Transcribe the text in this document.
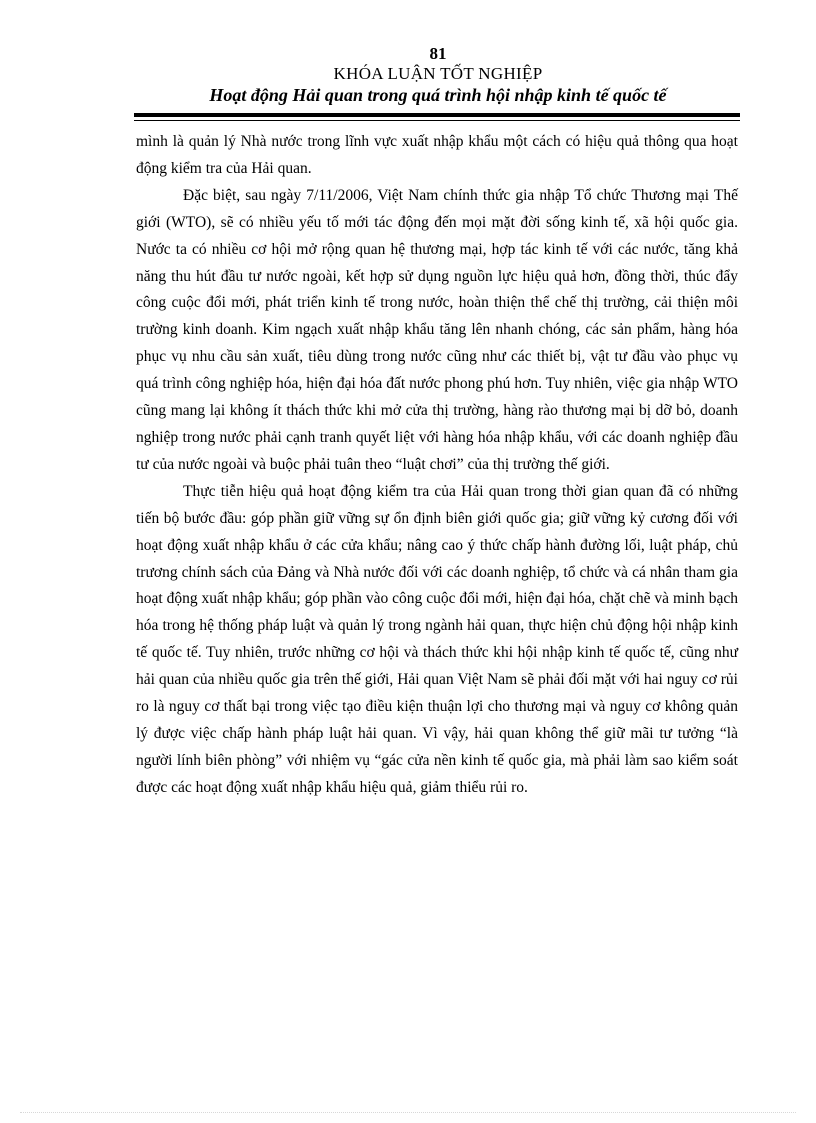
81
KHÓA LUẬN TỐT NGHIỆP
Hoạt động Hải quan trong quá trình hội nhập kinh tế quốc tế

mình là quản lý Nhà nước trong lĩnh vực xuất nhập khẩu một cách có hiệu quả thông qua hoạt động kiểm tra của Hải quan.

Đặc biệt, sau ngày 7/11/2006, Việt Nam chính thức gia nhập Tổ chức Thương mại Thế giới (WTO), sẽ có nhiều yếu tố mới tác động đến mọi mặt đời sống kinh tế, xã hội quốc gia. Nước ta có nhiều cơ hội mở rộng quan hệ thương mại, hợp tác kinh tế với các nước, tăng khả năng thu hút đầu tư nước ngoài, kết hợp sử dụng nguồn lực hiệu quả hơn, đồng thời, thúc đẩy công cuộc đổi mới, phát triển kinh tế trong nước, hoàn thiện thể chế thị trường, cải thiện môi trường kinh doanh. Kim ngạch xuất nhập khẩu tăng lên nhanh chóng, các sản phẩm, hàng hóa phục vụ nhu cầu sản xuất, tiêu dùng trong nước cũng như các thiết bị, vật tư đầu vào phục vụ quá trình công nghiệp hóa, hiện đại hóa đất nước phong phú hơn. Tuy nhiên, việc gia nhập WTO cũng mang lại không ít thách thức khi mở cửa thị trường, hàng rào thương mại bị dỡ bỏ, doanh nghiệp trong nước phải cạnh tranh quyết liệt với hàng hóa nhập khẩu, với các doanh nghiệp đầu tư của nước ngoài và buộc phải tuân theo “luật chơi” của thị trường thế giới.

Thực tiễn hiệu quả hoạt động kiểm tra của Hải quan trong thời gian quan đã có những tiến bộ bước đầu: góp phần giữ vững sự ổn định biên giới quốc gia; giữ vững kỷ cương đối với hoạt động xuất nhập khẩu ở các cửa khẩu; nâng cao ý thức chấp hành đường lối, luật pháp, chủ trương chính sách của Đảng và Nhà nước đối với các doanh nghiệp, tổ chức và cá nhân tham gia hoạt động xuất nhập khẩu; góp phần vào công cuộc đổi mới, hiện đại hóa, chặt chẽ và minh bạch hóa trong hệ thống pháp luật và quản lý trong ngành hải quan, thực hiện chủ động hội nhập kinh tế quốc tế. Tuy nhiên, trước những cơ hội và thách thức khi hội nhập kinh tế quốc tế, cũng như hải quan của nhiều quốc gia trên thế giới, Hải quan Việt Nam sẽ phải đối mặt với hai nguy cơ rủi ro là nguy cơ thất bại trong việc tạo điều kiện thuận lợi cho thương mại và nguy cơ không quản lý được việc chấp hành pháp luật hải quan. Vì vậy, hải quan không thể giữ mãi tư tưởng “là người lính biên phòng” với nhiệm vụ “gác cửa nền kinh tế quốc gia, mà phải làm sao kiểm soát được các hoạt động xuất nhập khẩu hiệu quả, giảm thiểu rủi ro.
